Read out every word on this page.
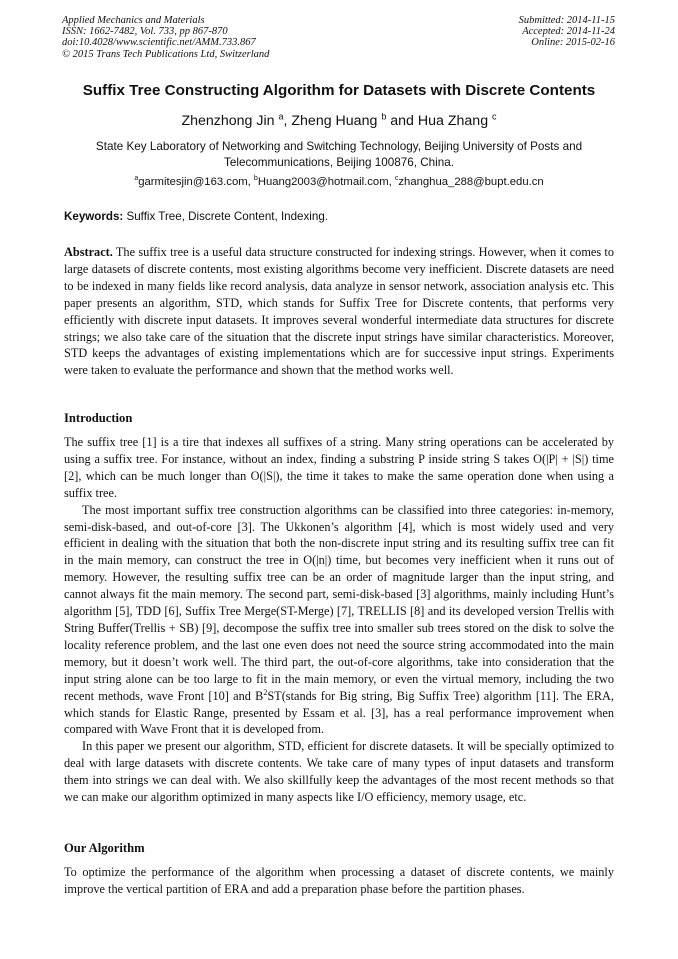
Applied Mechanics and Materials
ISSN: 1662-7482, Vol. 733, pp 867-870
doi:10.4028/www.scientific.net/AMM.733.867
© 2015 Trans Tech Publications Ltd, Switzerland
Submitted: 2014-11-15
Accepted: 2014-11-24
Online: 2015-02-16
Suffix Tree Constructing Algorithm for Datasets with Discrete Contents
Zhenzhong Jin $^a$, Zheng Huang $^b$ and Hua Zhang $^c$
State Key Laboratory of Networking and Switching Technology, Beijing University of Posts and Telecommunications, Beijing 100876, China.
$^a$garmitesjin@163.com, $^b$Huang2003@hotmail.com, $^c$zhanghua_288@bupt.edu.cn
Keywords: Suffix Tree, Discrete Content, Indexing.
Abstract. The suffix tree is a useful data structure constructed for indexing strings. However, when it comes to large datasets of discrete contents, most existing algorithms become very inefficient. Discrete datasets are need to be indexed in many fields like record analysis, data analyze in sensor network, association analysis etc. This paper presents an algorithm, STD, which stands for Suffix Tree for Discrete contents, that performs very efficiently with discrete input datasets. It improves several wonderful intermediate data structures for discrete strings; we also take care of the situation that the discrete input strings have similar characteristics. Moreover, STD keeps the advantages of existing implementations which are for successive input strings. Experiments were taken to evaluate the performance and shown that the method works well.
Introduction
The suffix tree [1] is a tire that indexes all suffixes of a string. Many string operations can be accelerated by using a suffix tree. For instance, without an index, finding a substring P inside string S takes O(|P| + |S|) time [2], which can be much longer than O(|S|), the time it takes to make the same operation done when using a suffix tree.
The most important suffix tree construction algorithms can be classified into three categories: in-memory, semi-disk-based, and out-of-core [3]. The Ukkonen’s algorithm [4], which is most widely used and very efficient in dealing with the situation that both the non-discrete input string and its resulting suffix tree can fit in the main memory, can construct the tree in O(|n|) time, but becomes very inefficient when it runs out of memory. However, the resulting suffix tree can be an order of magnitude larger than the input string, and cannot always fit the main memory. The second part, semi-disk-based [3] algorithms, mainly including Hunt’s algorithm [5], TDD [6], Suffix Tree Merge(ST-Merge) [7], TRELLIS [8] and its developed version Trellis with String Buffer(Trellis + SB) [9], decompose the suffix tree into smaller sub trees stored on the disk to solve the locality reference problem, and the last one even does not need the source string accommodated into the main memory, but it doesn’t work well. The third part, the out-of-core algorithms, take into consideration that the input string alone can be too large to fit in the main memory, or even the virtual memory, including the two recent methods, wave Front [10] and $B^2ST(stands$ for Big string, Big Suffix Tree) algorithm [11]. The ERA, which stands for Elastic Range, presented by Essam et al. [3], has a real performance improvement when compared with Wave Front that it is developed from.
In this paper we present our algorithm, STD, efficient for discrete datasets. It will be specially optimized to deal with large datasets with discrete contents. We take care of many types of input datasets and transform them into strings we can deal with. We also skillfully keep the advantages of the most recent methods so that we can make our algorithm optimized in many aspects like I/O efficiency, memory usage, etc.
Our Algorithm
To optimize the performance of the algorithm when processing a dataset of discrete contents, we mainly improve the vertical partition of ERA and add a preparation phase before the partition phases.
